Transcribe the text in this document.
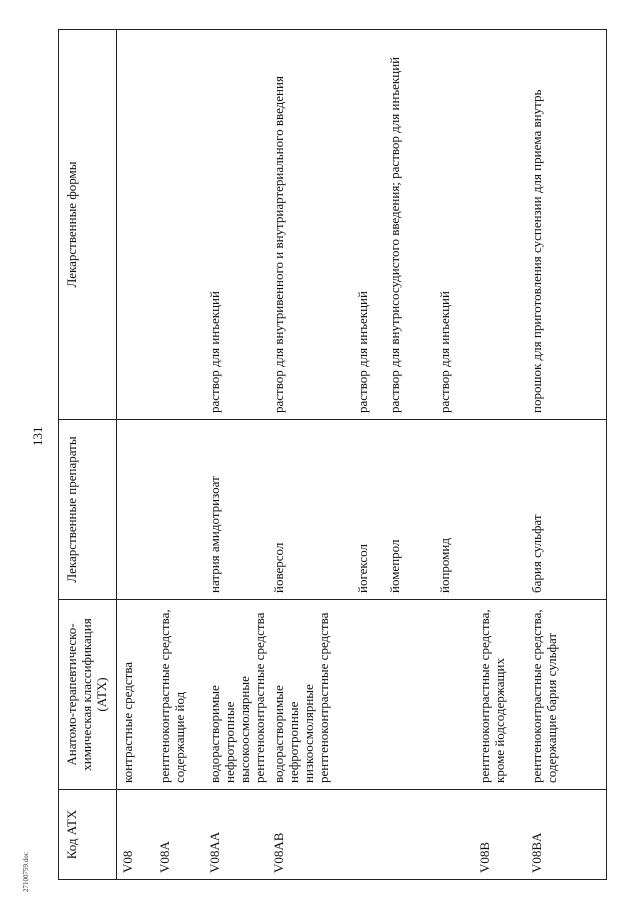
131
Код АТХ	Анатомо-терапевтическо-химическая классификация (АТХ)	Лекарственные препараты	Лекарственные формы
V08	контрастные средства		
V08A	рентгеноконтрастные средства, содержащие йод		
V08AA	водорастворимые нефротропные высокоосмолярные рентгеноконтрастные средства	натрия амидотризоат	раствор для инъекций
V08AB	водорастворимые нефротропные низкоосмолярные рентгеноконтрастные средства	йоверсол	раствор для внутривенного и внутриартериального введения
		йогексол	раствор для инъекций
		йомепрол	раствор для внутрисосудистого введения; раствор для инъекций
		йопромид	раствор для инъекций
V08B	рентгеноконтрастные средства, кроме йодсодержащих		
V08BA	рентгеноконтрастные средства, содержащие бария сульфат	бария сульфат	порошок для приготовления суспензии для приема внутрь
27100759.doc
